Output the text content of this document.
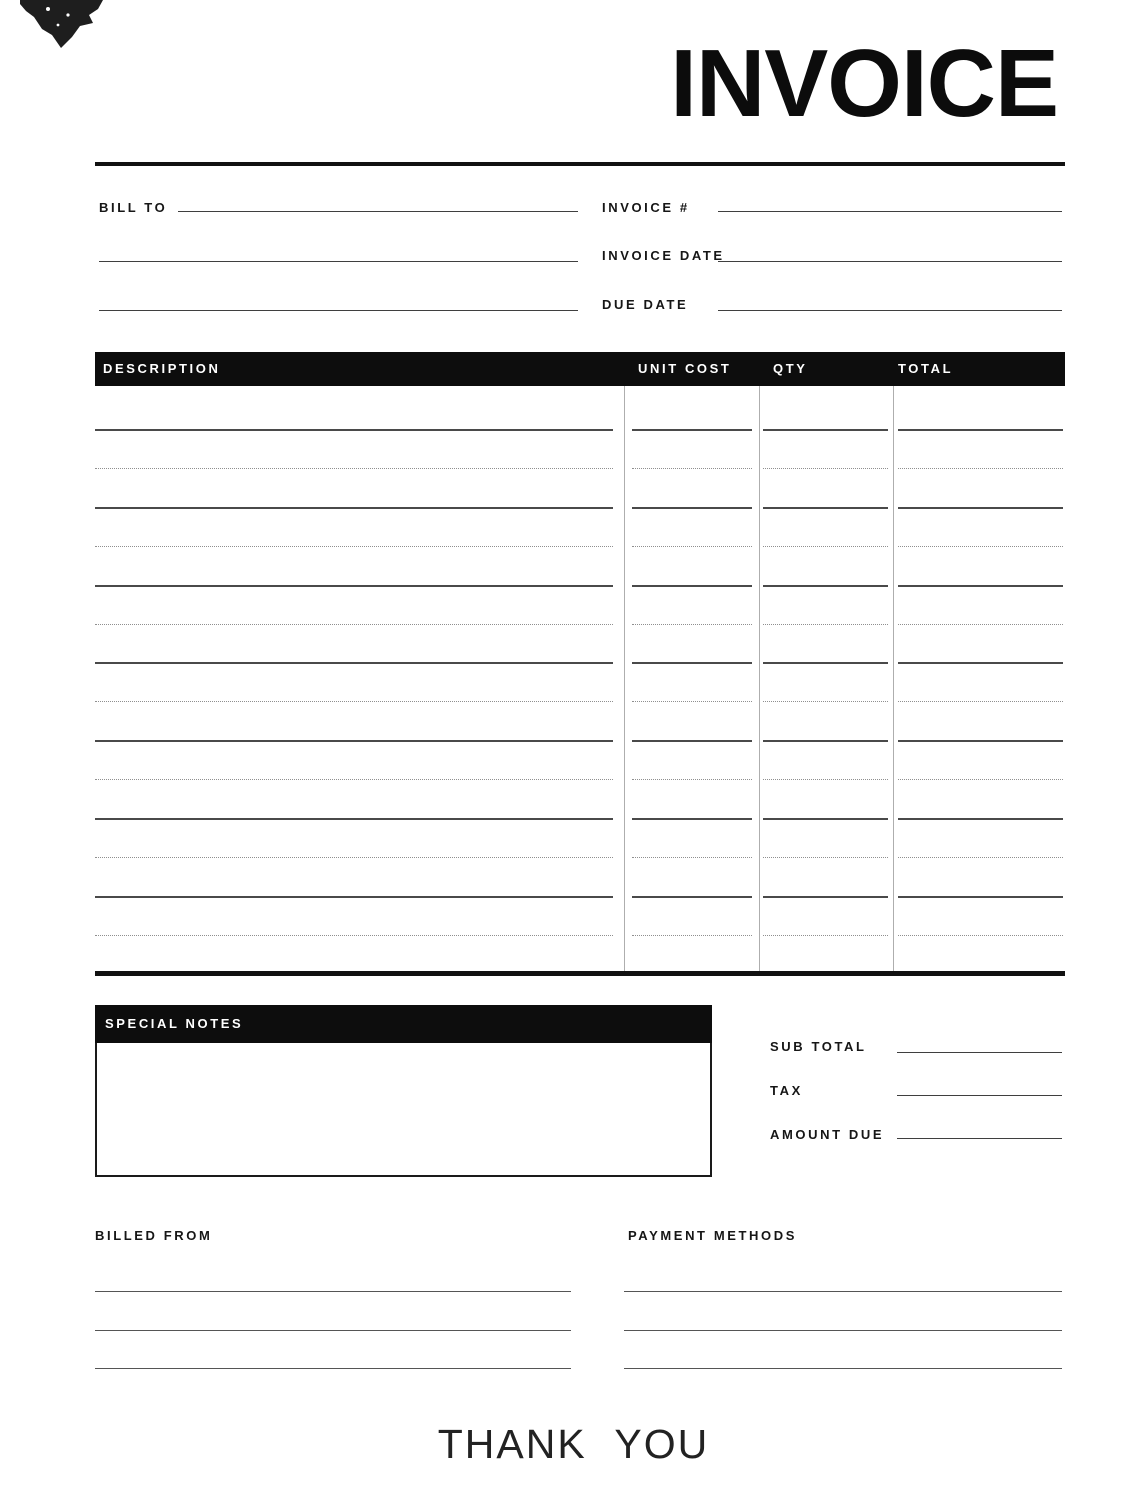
INVOICE
BILL TO	INVOICE #
INVOICE DATE
DUE DATE
DESCRIPTION	UNIT COST	QTY	TOTAL
SPECIAL NOTES
SUB TOTAL
TAX
AMOUNT DUE
BILLED FROM	PAYMENT METHODS

THANK YOU
